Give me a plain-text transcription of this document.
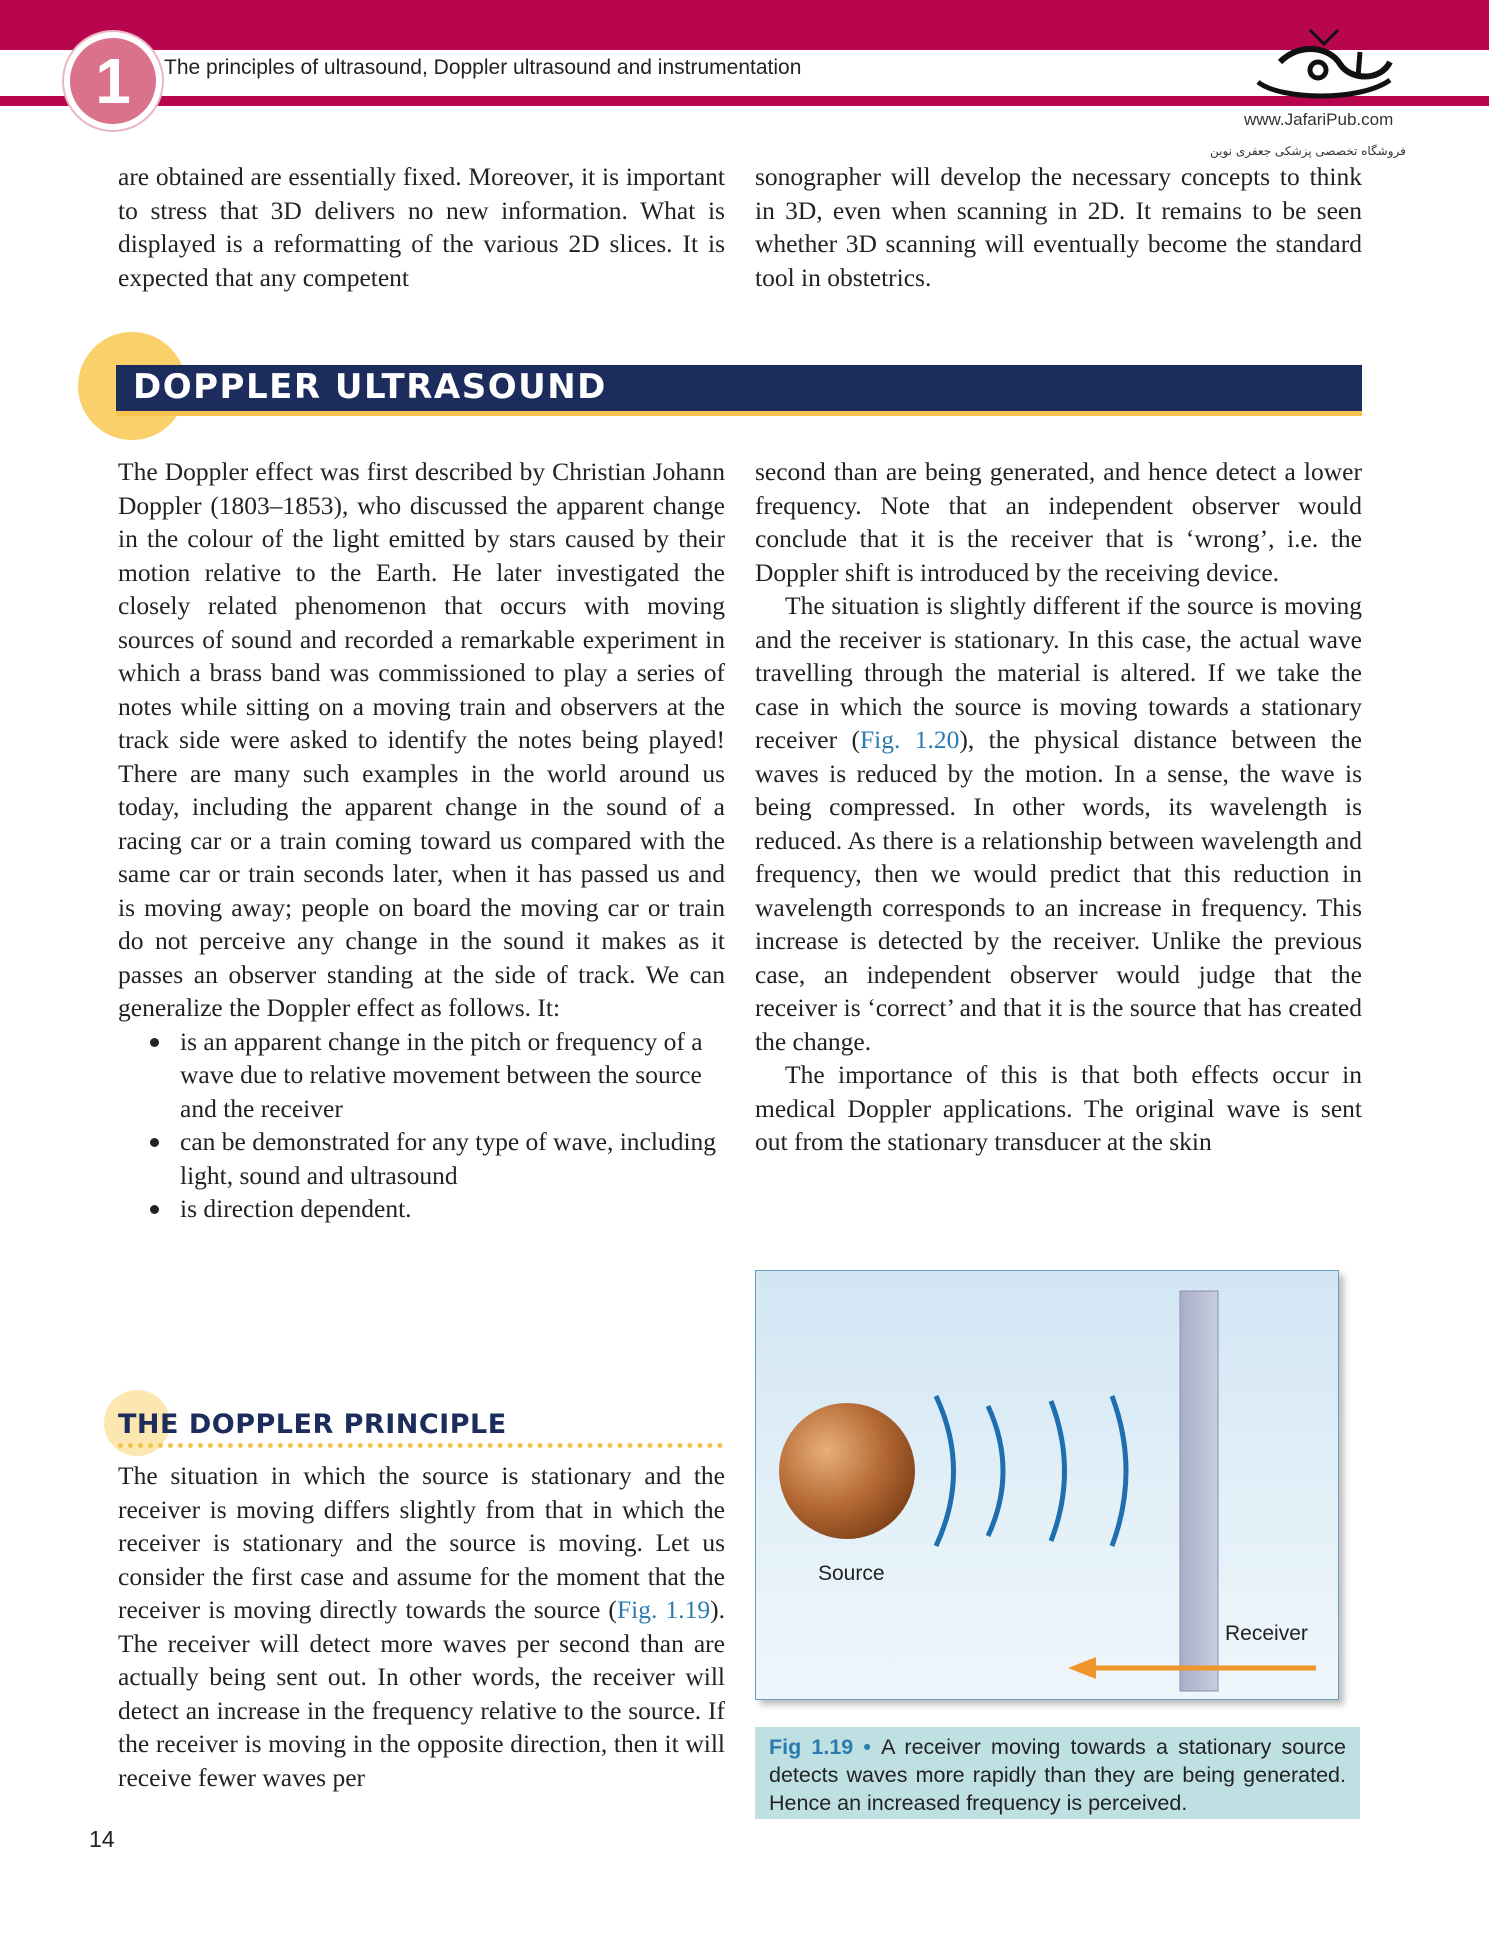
1	The principles of ultrasound, Doppler ultrasound and instrumentation
www.JafariPub.com
فروشگاه تخصصی پزشکی جعفری نوین

are obtained are essentially fixed. Moreover, it is important to stress that 3D delivers no new information. What is displayed is a reformatting of the various 2D slices. It is expected that any competent

sonographer will develop the necessary concepts to think in 3D, even when scanning in 2D. It remains to be seen whether 3D scanning will eventually become the standard tool in obstetrics.

DOPPLER ULTRASOUND

The Doppler effect was first described by Christian Johann Doppler (1803–1853), who discussed the apparent change in the colour of the light emitted by stars caused by their motion relative to the Earth. He later investigated the closely related phenomenon that occurs with moving sources of sound and recorded a remarkable experiment in which a brass band was commissioned to play a series of notes while sitting on a moving train and observers at the track side were asked to identify the notes being played! There are many such examples in the world around us today, including the apparent change in the sound of a racing car or a train coming toward us compared with the same car or train seconds later, when it has passed us and is moving away; people on board the moving car or train do not perceive any change in the sound it makes as it passes an observer standing at the side of track. We can generalize the Doppler effect as follows. It:

is an apparent change in the pitch or frequency of a wave due to relative movement between the source and the receiver
can be demonstrated for any type of wave, including light, sound and ultrasound
is direction dependent.
THE DOPPLER PRINCIPLE

The situation in which the source is stationary and the receiver is moving differs slightly from that in which the receiver is stationary and the source is moving. Let us consider the first case and assume for the moment that the receiver is moving directly towards the source (Fig. 1.19). The receiver will detect more waves per second than are actually being sent out. In other words, the receiver will detect an increase in the frequency relative to the source. If the receiver is moving in the opposite direction, then it will receive fewer waves per

second than are being generated, and hence detect a lower frequency. Note that an independent observer would conclude that it is the receiver that is ‘wrong’, i.e. the Doppler shift is introduced by the receiving device.

The situation is slightly different if the source is moving and the receiver is stationary. In this case, the actual wave travelling through the material is altered. If we take the case in which the source is moving towards a stationary receiver (Fig. 1.20), the physical distance between the waves is reduced by the motion. In a sense, the wave is being compressed. In other words, its wavelength is reduced. As there is a relationship between wavelength and frequency, then we would predict that this reduction in wavelength corresponds to an increase in frequency. This increase is detected by the receiver. Unlike the previous case, an independent observer would judge that the receiver is ‘correct’ and that it is the source that has created the change.

The importance of this is that both effects occur in medical Doppler applications. The original wave is sent out from the stationary transducer at the skin

Source
Receiver
Fig 1.19 • A receiver moving towards a stationary source detects waves more rapidly than they are being generated. Hence an increased frequency is perceived.
14
